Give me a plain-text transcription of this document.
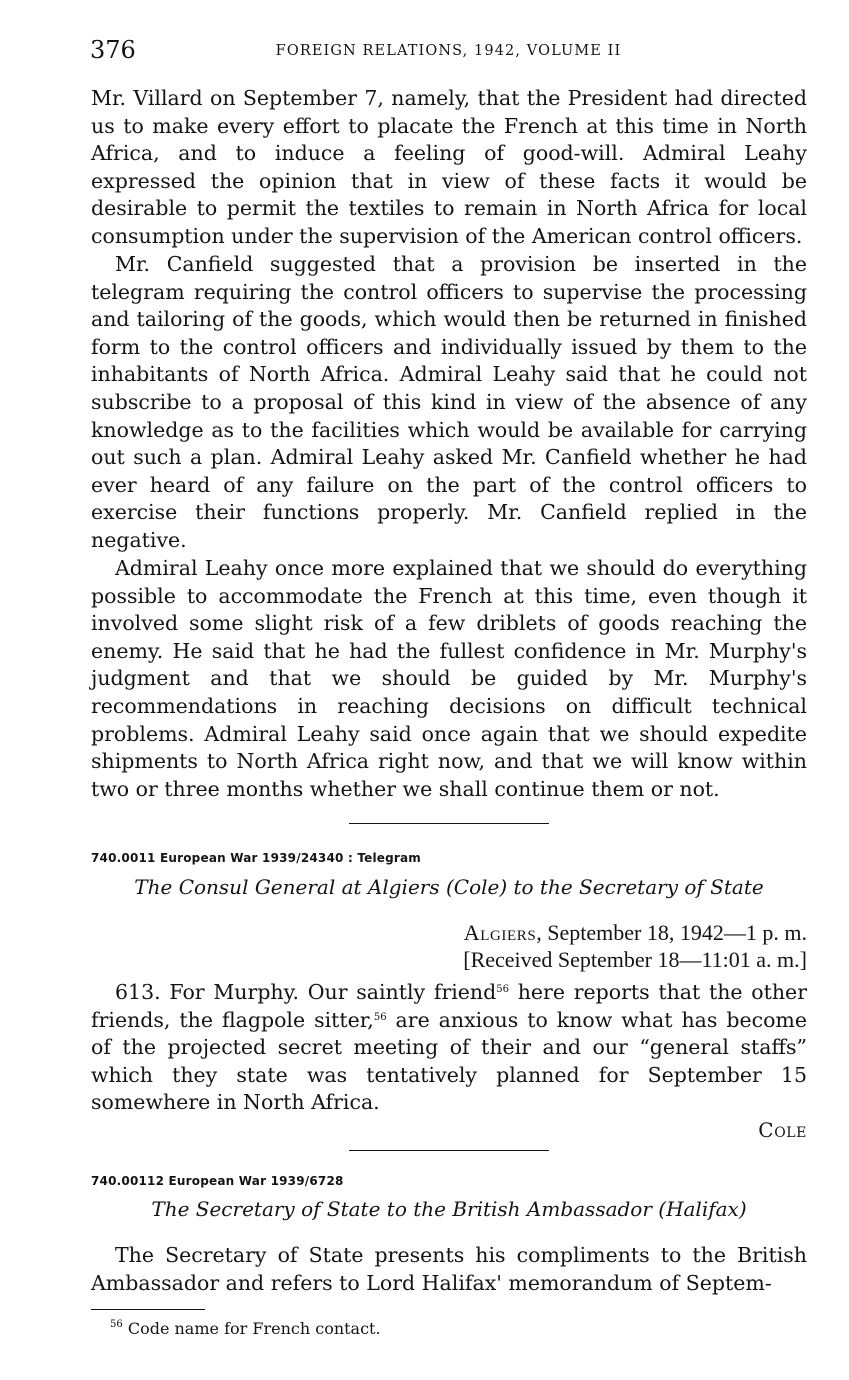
376	FOREIGN RELATIONS, 1942, VOLUME II

Mr. Villard on September 7, namely, that the President had directed us to make every effort to placate the French at this time in North Africa, and to induce a feeling of good-will. Admiral Leahy expressed the opinion that in view of these facts it would be desirable to permit the textiles to remain in North Africa for local consumption under the supervision of the American control officers.

Mr. Canfield suggested that a provision be inserted in the telegram requiring the control officers to supervise the processing and tailoring of the goods, which would then be returned in finished form to the control officers and individually issued by them to the inhabitants of North Africa. Admiral Leahy said that he could not subscribe to a proposal of this kind in view of the absence of any knowledge as to the facilities which would be available for carrying out such a plan. Admiral Leahy asked Mr. Canfield whether he had ever heard of any failure on the part of the control officers to exercise their functions properly. Mr. Canfield replied in the negative.

Admiral Leahy once more explained that we should do everything possible to accommodate the French at this time, even though it involved some slight risk of a few driblets of goods reaching the enemy. He said that he had the fullest confidence in Mr. Murphy's judgment and that we should be guided by Mr. Murphy's recommendations in reaching decisions on difficult technical problems. Admiral Leahy said once again that we should expedite shipments to North Africa right now, and that we will know within two or three months whether we shall continue them or not.

740.0011 European War 1939/24340 : Telegram
The Consul General at Algiers (Cole) to the Secretary of State
Algiers, September 18, 1942—1 p. m.
[Received September 18—11:01 a. m.]

613. For Murphy. Our saintly friend$^{56}$ here reports that the other friends, the flagpole sitter,$^{56}$ are anxious to know what has become of the projected secret meeting of their and our “general staffs” which they state was tentatively planned for September 15 somewhere in North Africa.

Cole
740.00112 European War 1939/6728
The Secretary of State to the British Ambassador (Halifax)

The Secretary of State presents his compliments to the British Ambassador and refers to Lord Halifax' memorandum of Septem-

$^{56}$ Code name for French contact.
